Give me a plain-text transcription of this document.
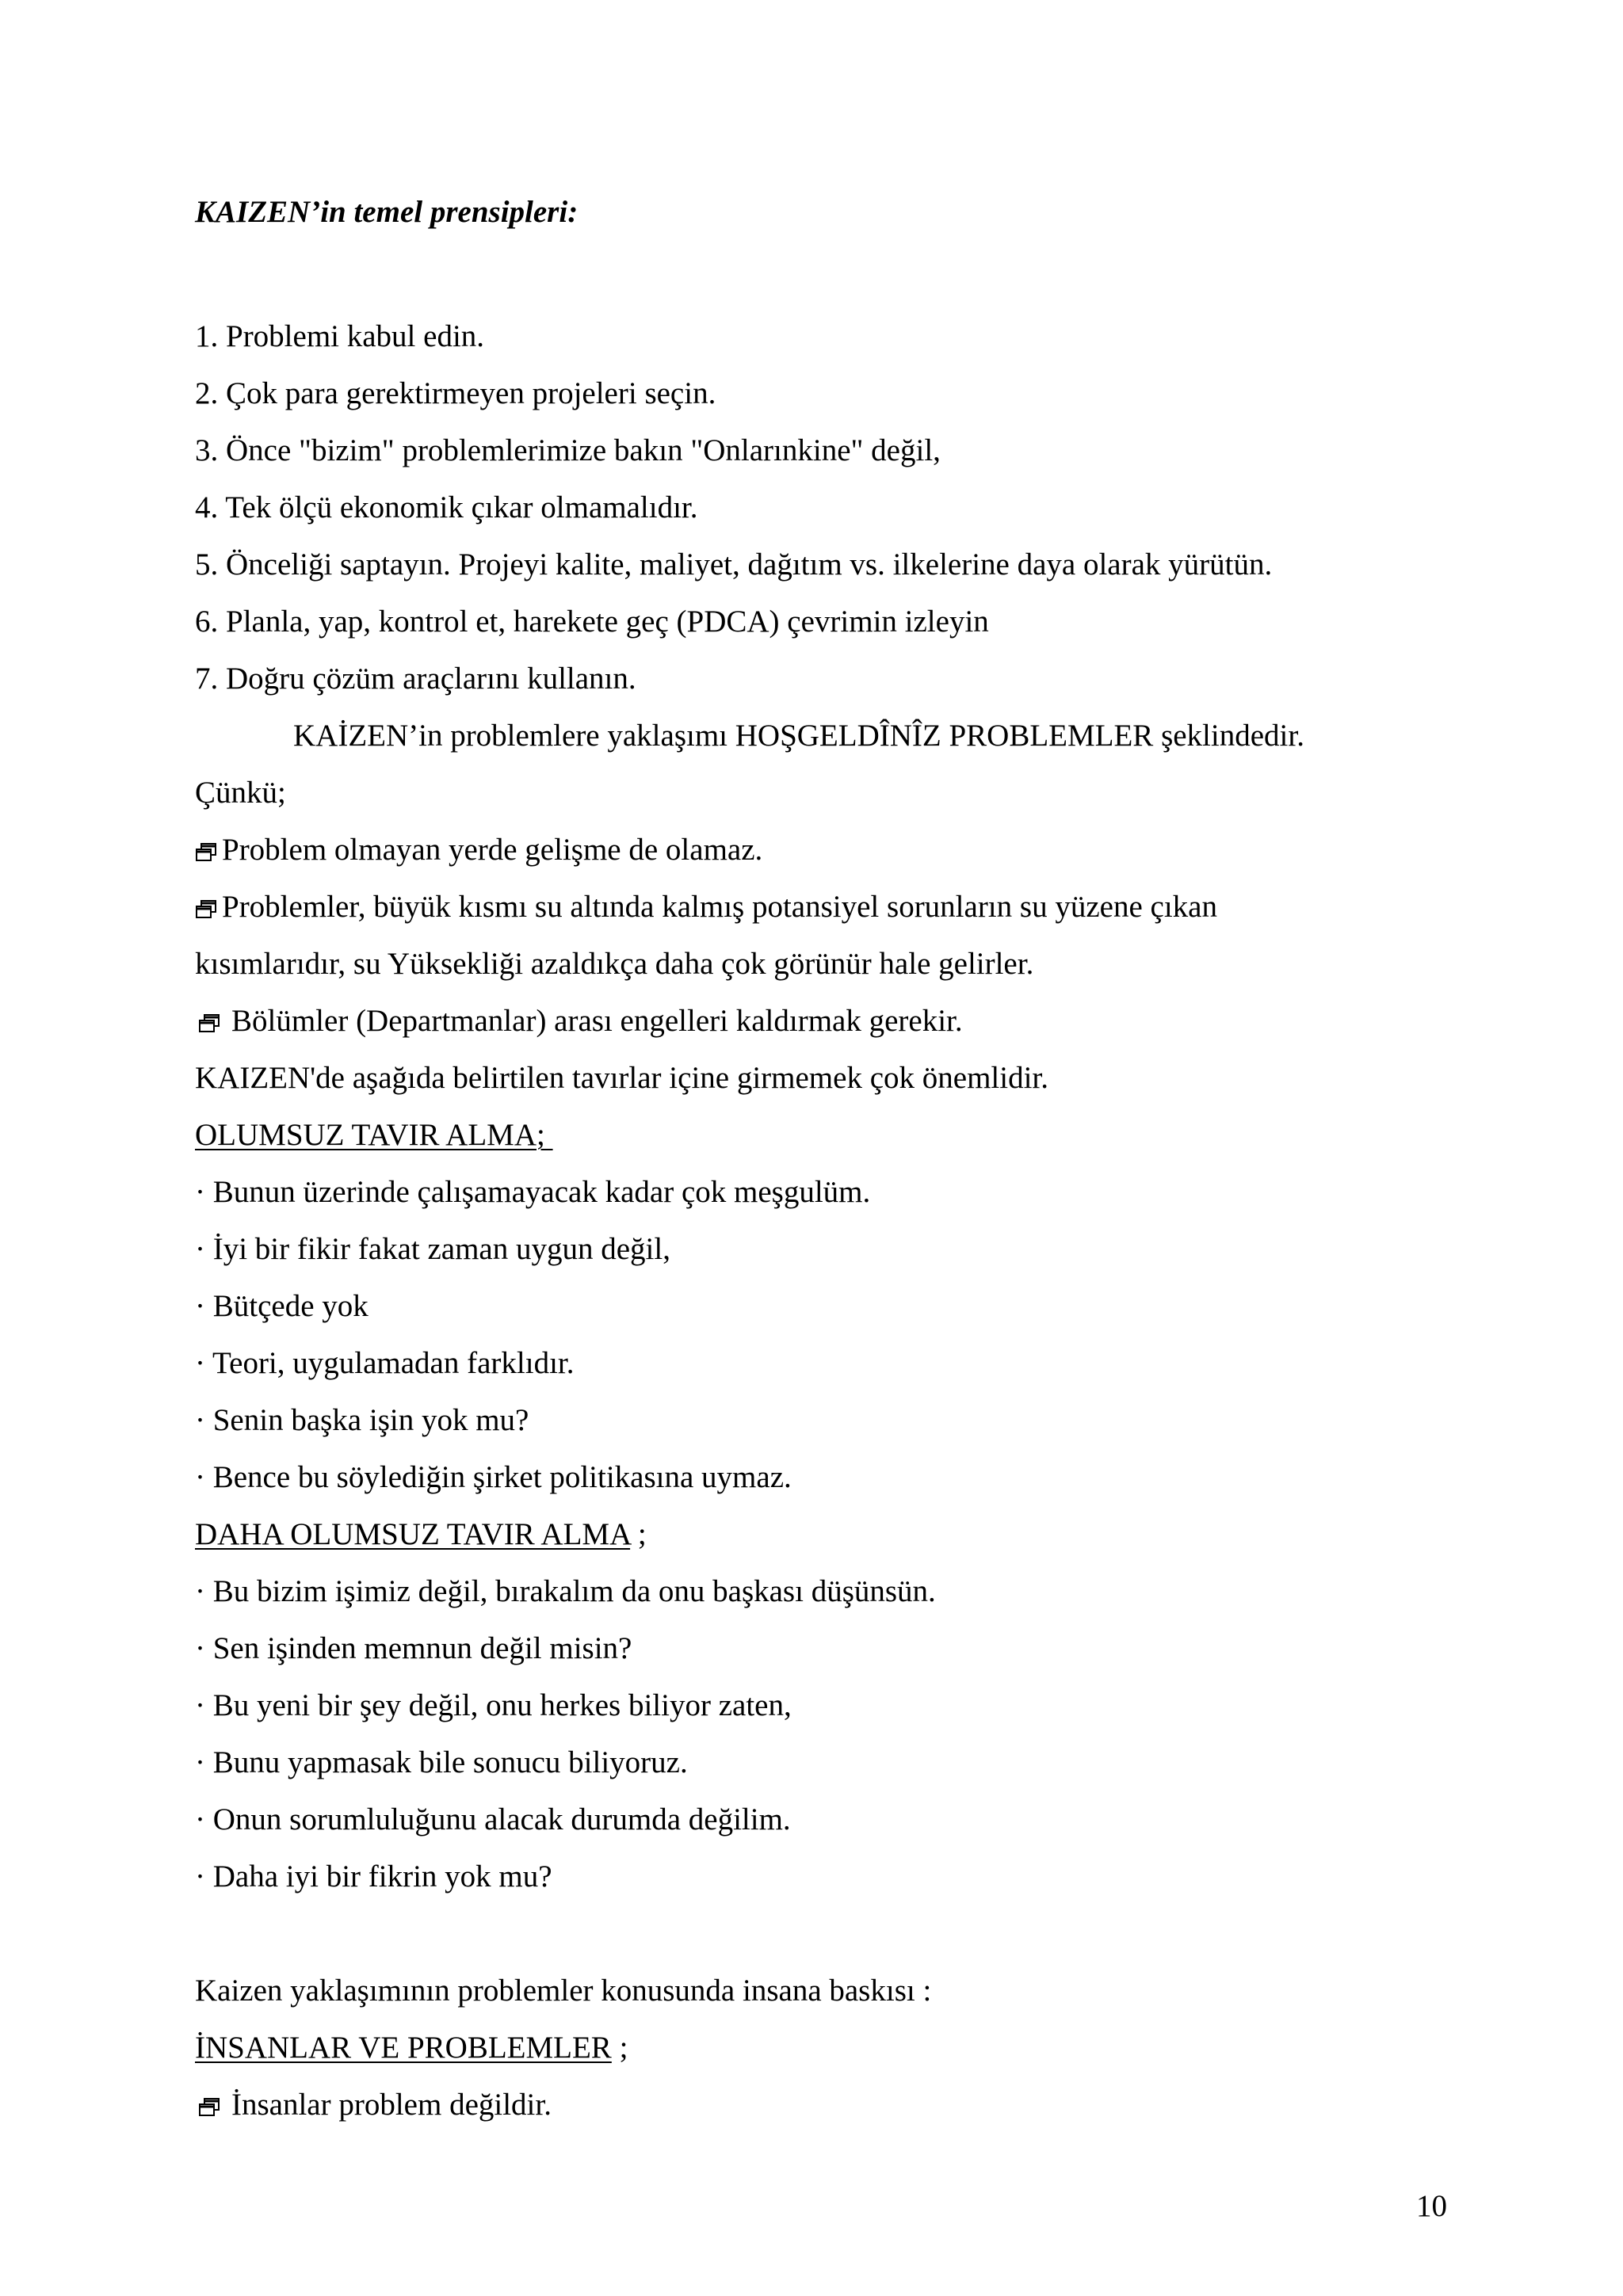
KAIZEN’in temel prensipleri:

1. Problemi kabul edin.

2. Çok para gerektirmeyen projeleri seçin.

3. Önce "bizim" problemlerimize bakın "Onlarınkine" değil,

4. Tek ölçü ekonomik çıkar olmamalıdır.

5. Önceliği saptayın. Projeyi kalite, maliyet, dağıtım vs. ilkelerine daya olarak yürütün.

6. Planla, yap, kontrol et, harekete geç (PDCA) çevrimin izleyin

7. Doğru çözüm araçlarını kullanın.

KAİZEN’in problemlere yaklaşımı HOŞGELDÎNÎZ PROBLEMLER şeklindedir.

Çünkü;

Problem olmayan yerde gelişme de olamaz.

Problemler, büyük kısmı su altında kalmış potansiyel sorunların su yüzene çıkan

kısımlarıdır, su Yüksekliği azaldıkça daha çok görünür hale gelirler.

Bölümler (Departmanlar) arası engelleri kaldırmak gerekir.

KAIZEN'de aşağıda belirtilen tavırlar içine girmemek çok önemlidir.

OLUMSUZ TAVIR ALMA;

· Bunun üzerinde çalışamayacak kadar çok meşgulüm.

· İyi bir fikir fakat zaman uygun değil,

· Bütçede yok

· Teori, uygulamadan farklıdır.

· Senin başka işin yok mu?

· Bence bu söylediğin şirket politikasına uymaz.

DAHA OLUMSUZ TAVIR ALMA ;

· Bu bizim işimiz değil, bırakalım da onu başkası düşünsün.

· Sen işinden memnun değil misin?

· Bu yeni bir şey değil, onu herkes biliyor zaten,

· Bunu yapmasak bile sonucu biliyoruz.

· Onun sorumluluğunu alacak durumda değilim.

· Daha iyi bir fikrin yok mu?

Kaizen yaklaşımının problemler konusunda insana baskısı :

İNSANLAR VE PROBLEMLER ;

İnsanlar problem değildir.

10
